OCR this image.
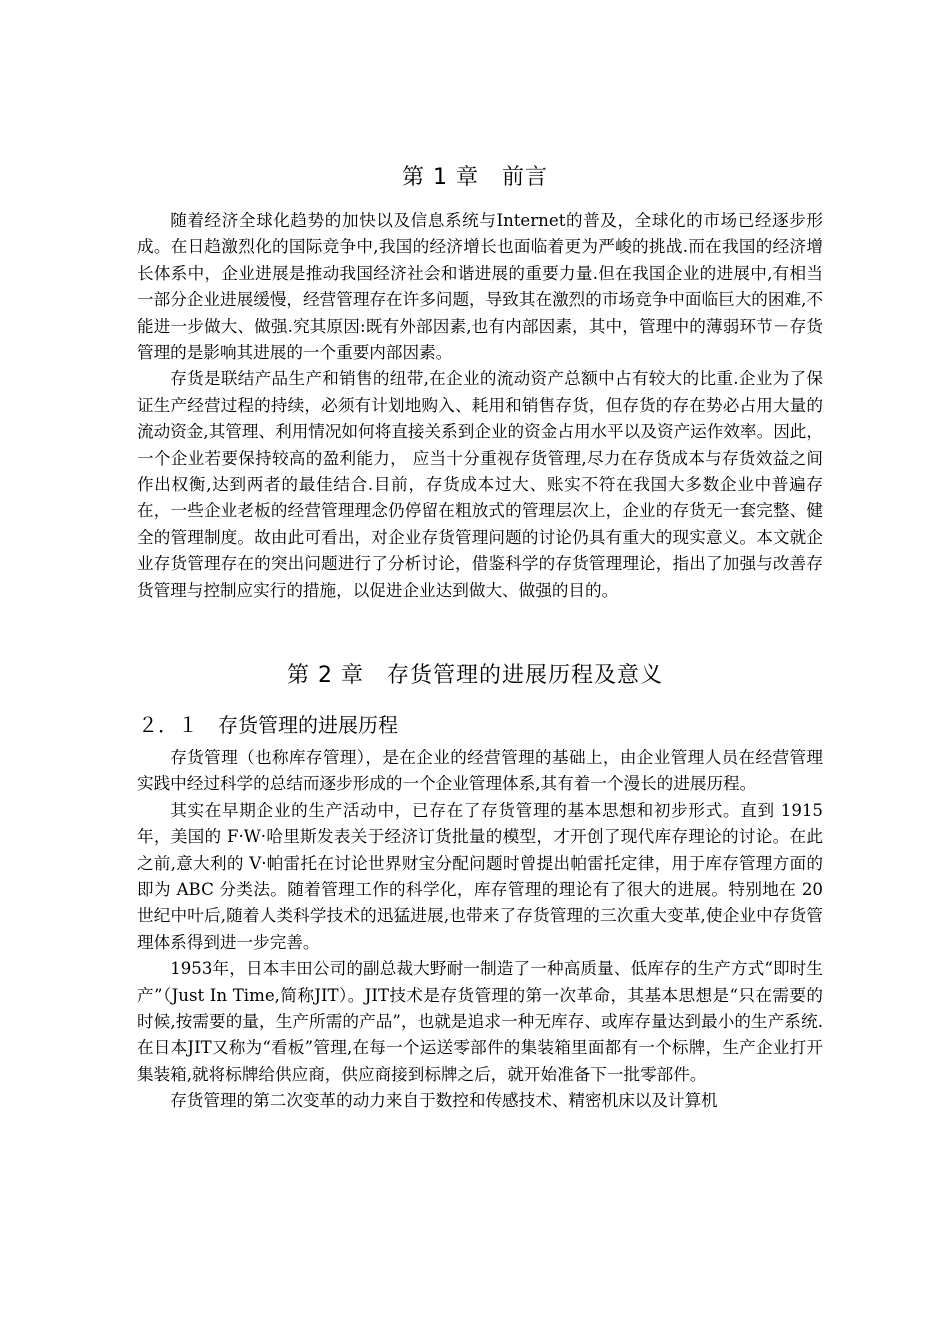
第 1 章　前言

随着经济全球化趋势的加快以及信息系统与Internet的普及，全球化的市场已经逐步形成。在日趋激烈化的国际竞争中,我国的经济增长也面临着更为严峻的挑战.而在我国的经济增长体系中，企业进展是推动我国经济社会和谐进展的重要力量.但在我国企业的进展中,有相当一部分企业进展缓慢，经营管理存在许多问题，导致其在激烈的市场竞争中面临巨大的困难,不能进一步做大、做强.究其原因:既有外部因素,也有内部因素，其中，管理中的薄弱环节－存货管理的是影响其进展的一个重要内部因素。

存货是联结产品生产和销售的纽带,在企业的流动资产总额中占有较大的比重.企业为了保证生产经营过程的持续，必须有计划地购入、耗用和销售存货，但存货的存在势必占用大量的流动资金,其管理、利用情况如何将直接关系到企业的资金占用水平以及资产运作效率。因此，一个企业若要保持较高的盈利能力， 应当十分重视存货管理,尽力在存货成本与存货效益之间作出权衡,达到两者的最佳结合.目前，存货成本过大、账实不符在我国大多数企业中普遍存在，一些企业老板的经营管理理念仍停留在粗放式的管理层次上，企业的存货无一套完整、健全的管理制度。故由此可看出，对企业存货管理问题的讨论仍具有重大的现实意义。本文就企业存货管理存在的突出问题进行了分析讨论，借鉴科学的存货管理理论，指出了加强与改善存货管理与控制应实行的措施，以促进企业达到做大、做强的目的。

第 2 章　存货管理的进展历程及意义
２．１　存货管理的进展历程

存货管理（也称库存管理），是在企业的经营管理的基础上，由企业管理人员在经营管理实践中经过科学的总结而逐步形成的一个企业管理体系,其有着一个漫长的进展历程。

其实在早期企业的生产活动中，已存在了存货管理的基本思想和初步形式。直到 1915 年，美国的 F·W·哈里斯发表关于经济订货批量的模型，才开创了现代库存理论的讨论。在此之前,意大利的 V·帕雷托在讨论世界财宝分配问题时曾提出帕雷托定律，用于库存管理方面的即为 ABC 分类法。随着管理工作的科学化，库存管理的理论有了很大的进展。特别地在 20 世纪中叶后,随着人类科学技术的迅猛进展,也带来了存货管理的三次重大变革,使企业中存货管理体系得到进一步完善。

1953年，日本丰田公司的副总裁大野耐一制造了一种高质量、低库存的生产方式“即时生产”（Just In Time,简称JIT）。JIT技术是存货管理的第一次革命，其基本思想是“只在需要的时候,按需要的量，生产所需的产品”，也就是追求一种无库存、或库存量达到最小的生产系统.在日本JIT又称为“看板”管理,在每一个运送零部件的集装箱里面都有一个标牌，生产企业打开集装箱,就将标牌给供应商，供应商接到标牌之后，就开始准备下一批零部件。

存货管理的第二次变革的动力来自于数控和传感技术、精密机床以及计算机
